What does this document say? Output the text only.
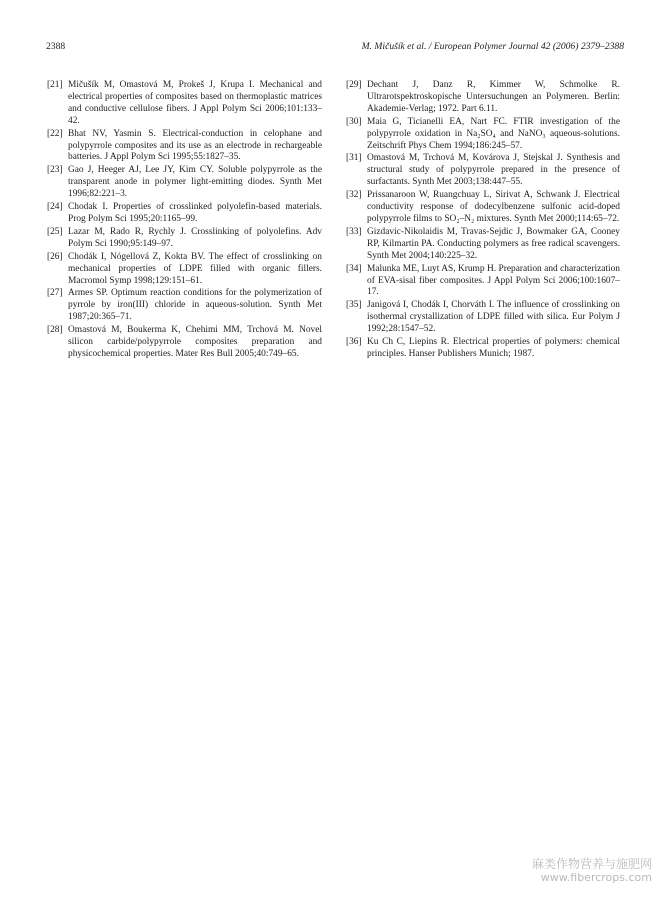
2388	M. Mičušík et al. / European Polymer Journal 42 (2006) 2379–2388
[21] Mičušík M, Omastová M, Prokeš J, Krupa I. Mechanical and electrical properties of composites based on thermoplastic matrices and conductive cellulose fibers. J Appl Polym Sci 2006;101:133–42.
[22] Bhat NV, Yasmin S. Electrical-conduction in celophane and polypyrrole composites and its use as an electrode in rechargeable batteries. J Appl Polym Sci 1995;55:1827–35.
[23] Gao J, Heeger AJ, Lee JY, Kim CY. Soluble polypyrrole as the transparent anode in polymer light-emitting diodes. Synth Met 1996;82:221–3.
[24] Chodak I. Properties of crosslinked polyolefin-based materials. Prog Polym Sci 1995;20:1165–99.
[25] Lazar M, Rado R, Rychly J. Crosslinking of polyolefins. Adv Polym Sci 1990;95:149–97.
[26] Chodák I, Nógellová Z, Kokta BV. The effect of crosslinking on mechanical properties of LDPE filled with organic fillers. Macromol Symp 1998;129:151–61.
[27] Armes SP. Optimum reaction conditions for the polymerization of pyrrole by iron(III) chloride in aqueous-solution. Synth Met 1987;20:365–71.
[28] Omastová M, Boukerma K, Chehimi MM, Trchová M. Novel silicon carbide/polypyrrole composites preparation and physicochemical properties. Mater Res Bull 2005;40:749–65.
[29] Dechant J, Danz R, Kimmer W, Schmolke R. Ultrarotspektroskopische Untersuchungen an Polymeren. Berlin: Akademie-Verlag; 1972. Part 6.11.
[30] Maia G, Ticianelli EA, Nart FC. FTIR investigation of the polypyrrole oxidation in Na₂SO₄ and NaNO₃ aqueous-solutions. Zeitschrift Phys Chem 1994;186:245–57.
[31] Omastová M, Trchová M, Kovárova J, Stejskal J. Synthesis and structural study of polypyrrole prepared in the presence of surfactants. Synth Met 2003;138:447–55.
[32] Prissanaroon W, Ruangchuay L, Sirivat A, Schwank J. Electrical conductivity response of dodecylbenzene sulfonic acid-doped polypyrrole films to SO₂–N₂ mixtures. Synth Met 2000;114:65–72.
[33] Gizdavic-Nikolaidis M, Travas-Sejdic J, Bowmaker GA, Cooney RP, Kilmartin PA. Conducting polymers as free radical scavengers. Synth Met 2004;140:225–32.
[34] Malunka ME, Luyt AS, Krump H. Preparation and characterization of EVA-sisal fiber composites. J Appl Polym Sci 2006;100:1607–17.
[35] Janigová I, Chodák I, Chorváth I. The influence of crosslinking on isothermal crystallization of LDPE filled with silica. Eur Polym J 1992;28:1547–52.
[36] Ku Ch C, Liepins R. Electrical properties of polymers: chemical principles. Hanser Publishers Munich; 1987.
麻类作物营养与施肥网
www.fibercrops.com
